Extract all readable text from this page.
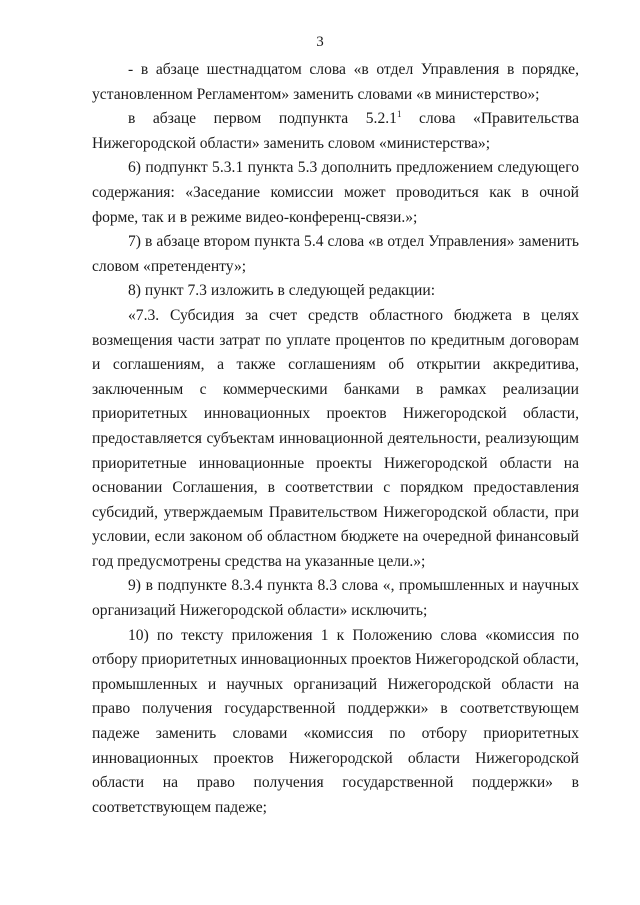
3

- в абзаце шестнадцатом слова «в отдел Управления в порядке, установленном Регламентом» заменить словами «в министерство»;

в абзаце первом подпункта 5.2.1$^1$ слова «Правительства Нижегородской области» заменить словом «министерства»;

6) подпункт 5.3.1 пункта 5.3 дополнить предложением следующего содержания: «Заседание комиссии может проводиться как в очной форме, так и в режиме видео-конференц-связи.»;

7) в абзаце втором пункта 5.4 слова «в отдел Управления» заменить словом «претенденту»;

8) пункт 7.3 изложить в следующей редакции:

«7.3. Субсидия за счет средств областного бюджета в целях возмещения части затрат по уплате процентов по кредитным договорам и соглашениям, а также соглашениям об открытии аккредитива, заключенным с коммерческими банками в рамках реализации приоритетных инновационных проектов Нижегородской области, предоставляется субъектам инновационной деятельности, реализующим приоритетные инновационные проекты Нижегородской области на основании Соглашения, в соответствии с порядком предоставления субсидий, утверждаемым Правительством Нижегородской области, при условии, если законом об областном бюджете на очередной финансовый год предусмотрены средства на указанные цели.»;

9) в подпункте 8.3.4 пункта 8.3 слова «, промышленных и научных организаций Нижегородской области» исключить;

10) по тексту приложения 1 к Положению слова «комиссия по отбору приоритетных инновационных проектов Нижегородской области, промышленных и научных организаций Нижегородской области на право получения государственной поддержки» в соответствующем падеже заменить словами «комиссия по отбору приоритетных инновационных проектов Нижегородской области Нижегородской области на право получения государственной поддержки» в соответствующем падеже;
